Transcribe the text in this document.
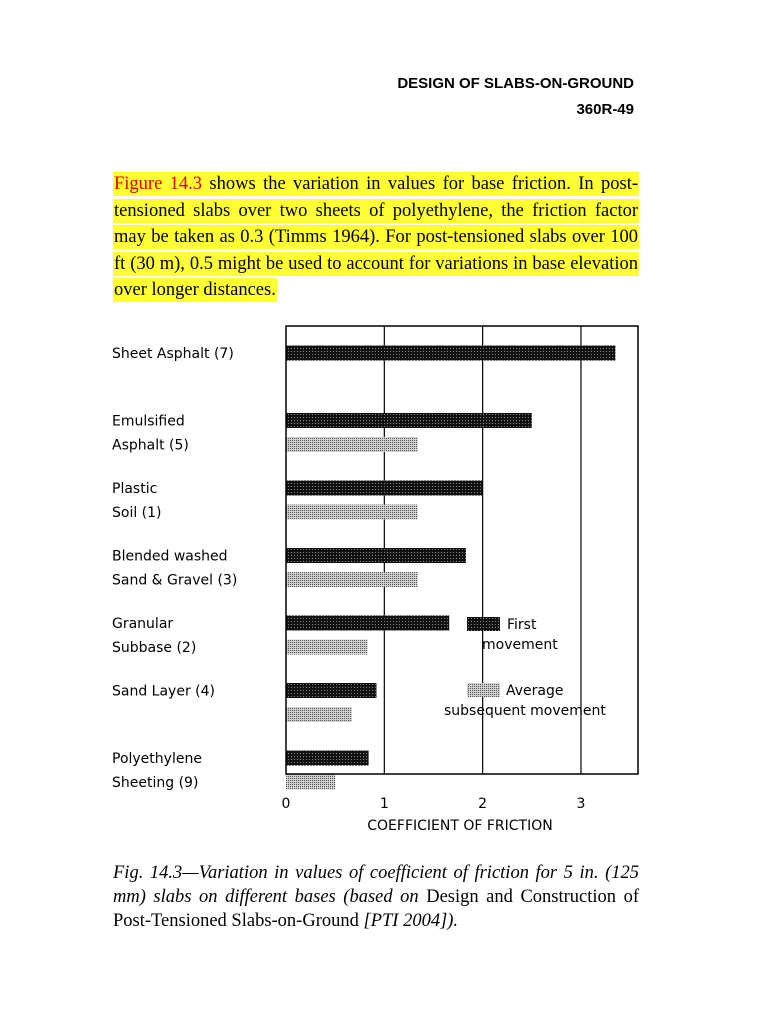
DESIGN OF SLABS-ON-GROUND
360R-49
Figure 14.3 shows the variation in values for base friction. In post-tensioned slabs over two sheets of polyethylene, the friction factor may be taken as 0.3 (Timms 1964). For post-tensioned slabs over 100 ft (30 m), 0.5 might be used to account for variations in base elevation over longer distances.
Sheet Asphalt (7)
Emulsified
Asphalt (5)
Plastic
Soil (1)
Blended washed
Sand & Gravel (3)
Granular
Subbase (2)
Sand Layer (4)
Polyethylene
Sheeting (9)
First
movement
Average
subsequent movement
0	1	2	3
COEFFICIENT OF FRICTION
Fig. 14.3—Variation in values of coefficient of friction for 5 in. (125 mm) slabs on different bases (based on Design and Construction of Post-Tensioned Slabs-on-Ground [PTI 2004]).
